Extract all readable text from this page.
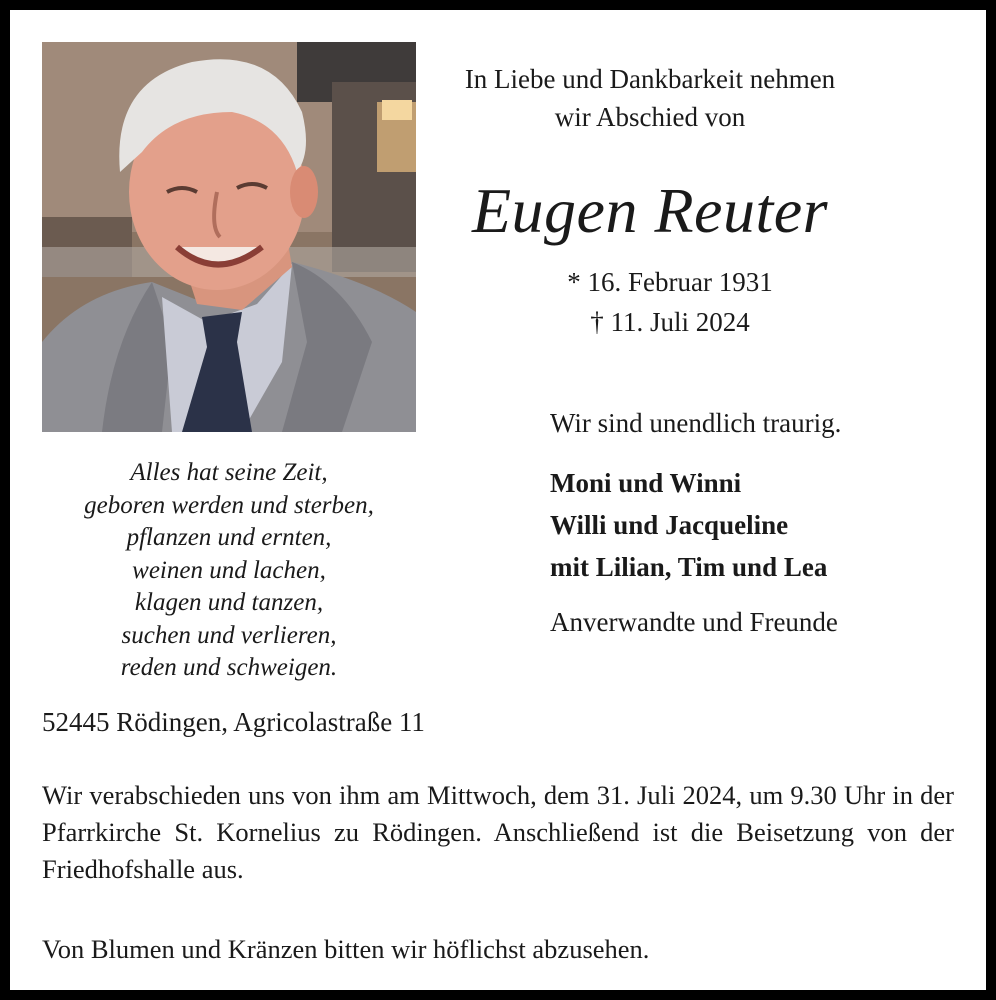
In Liebe und Dankbarkeit nehmen
wir Abschied von
Eugen Reuter
* 16. Februar 1931
† 11. Juli 2024
Wir sind unendlich traurig.
Moni und Winni
Willi und Jacqueline
mit Lilian, Tim und Lea
Anverwandte und Freunde
Alles hat seine Zeit,
geboren werden und sterben,
pflanzen und ernten,
weinen und lachen,
klagen und tanzen,
suchen und verlieren,
reden und schweigen.
52445 Rödingen, Agricolastraße 11
Wir verabschieden uns von ihm am Mittwoch, dem 31. Juli 2024, um 9.30 Uhr in der Pfarrkirche St. Kornelius zu Rödingen. Anschließend ist die Beisetzung von der Friedhofshalle aus.
Von Blumen und Kränzen bitten wir höflichst abzusehen.
